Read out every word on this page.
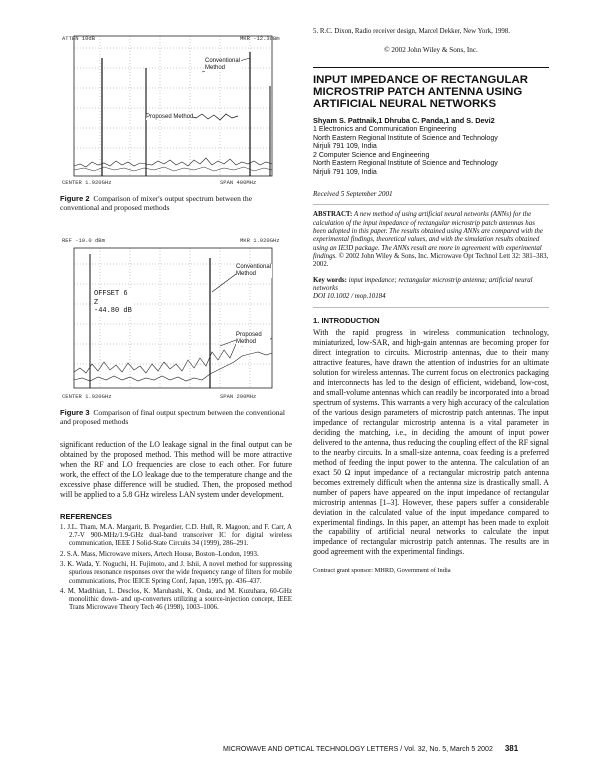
ATTEN 10dB	MKR -12.3dBm
CENTER 1.920GHz	SPAN 400MHz
Conventional Method
Proposed Method

Figure 2 Comparison of mixer's output spectrum between the conventional and proposed methods

REF -10.0 dBm	MKR 1.920GHz
CENTER 1.920GHz	SPAN 200MHz
OFFSET 6
Z
-44.80 dB
Conventional Method
Proposed Method

Figure 3 Comparison of final output spectrum between the conventional and proposed methods

significant reduction of the LO leakage signal in the final output can be obtained by the proposed method. This method will be more attractive when the RF and LO frequencies are close to each other. For future work, the effect of the LO leakage due to the temperature change and the excessive phase difference will be studied. Then, the proposed method will be applied to a 5.8 GHz wireless LAN system under development.

REFERENCES

1. J.L. Tham, M.A. Margarit, B. Pregardier, C.D. Hull, R. Magoon, and F. Carr, A 2.7-V 900-MHz/1.9-GHz dual-band transceiver IC for digital wireless communication, IEEE J Solid-State Circuits 34 (1999), 286–291.
2. S.A. Mass, Microwave mixers, Artech House, Boston–London, 1993.
3. K. Wada, Y. Noguchi, H. Fujimoto, and J. Ishii, A novel method for suppressing spurious resonance responses over the wide frequency range of filters for mobile communications, Proc IEICE Spring Conf, Japan, 1995, pp. 436–437.
4. M. Madihian, L. Desclos, K. Maruhashi, K. Onda, and M. Kuzuhara, 60-GHz monolithic down- and up-converters utilizing a source-injection concept, IEEE Trans Microwave Theory Tech 46 (1998), 1003–1006.
5. R.C. Dixon, Radio receiver design, Marcel Dekker, New York, 1998.

© 2002 John Wiley & Sons, Inc.

INPUT IMPEDANCE OF RECTANGULAR MICROSTRIP PATCH ANTENNA USING ARTIFICIAL NEURAL NETWORKS

Shyam S. Pattnaik,1 Dhruba C. Panda,1 and S. Devi2

1 Electronics and Communication Engineering

North Eastern Regional Institute of Science and Technology

Nirjuli 791 109, India

2 Computer Science and Engineering

North Eastern Regional Institute of Science and Technology

Nirjuli 791 109, India

Received 5 September 2001

ABSTRACT: A new method of using artificial neural networks (ANNs) for the calculation of the input impedance of rectangular microstrip patch antennas has been adopted in this paper. The results obtained using ANNs are compared with the experimental findings, theoretical values, and with the simulation results obtained using an IE3D package. The ANNs result are more in agreement with experimental findings. © 2002 John Wiley & Sons, Inc. Microwave Opt Technol Lett 32: 381–383, 2002.

Key words: input impedance; rectangular microstrip antenna; artificial neural networks

DOI 10.1002 / mop.10184

1. INTRODUCTION

With the rapid progress in wireless communication technology, miniaturized, low-SAR, and high-gain antennas are becoming proper for direct integration to circuits. Microstrip antennas, due to their many attractive features, have drawn the attention of industries for an ultimate solution for wireless antennas. The current focus on electronics packaging and interconnects has led to the design of efficient, wideband, low-cost, and small-volume antennas which can readily be incorporated into a broad spectrum of systems. This warrants a very high accuracy of the calculation of the various design parameters of microstrip patch antennas. The input impedance of rectangular microstrip antenna is a vital parameter in deciding the matching, i.e., in deciding the amount of input power delivered to the antenna, thus reducing the coupling effect of the RF signal to the nearby circuits. In a small-size antenna, coax feeding is a preferred method of feeding the input power to the antenna. The calculation of an exact 50 Ω input impedance of a rectangular microstrip patch antenna becomes extremely difficult when the antenna size is drastically small. A number of papers have appeared on the input impedance of rectangular microstrip antennas [1–3]. However, these papers suffer a considerable deviation in the calculated value of the input impedance compared to experimental findings. In this paper, an attempt has been made to exploit the capability of artificial neural networks to calculate the input impedance of rectangular microstrip patch antennas. The results are in good agreement with the experimental findings.

Contract grant sponsor: MHRD, Government of India

MICROWAVE AND OPTICAL TECHNOLOGY LETTERS / Vol. 32, No. 5, March 5 2002 381
